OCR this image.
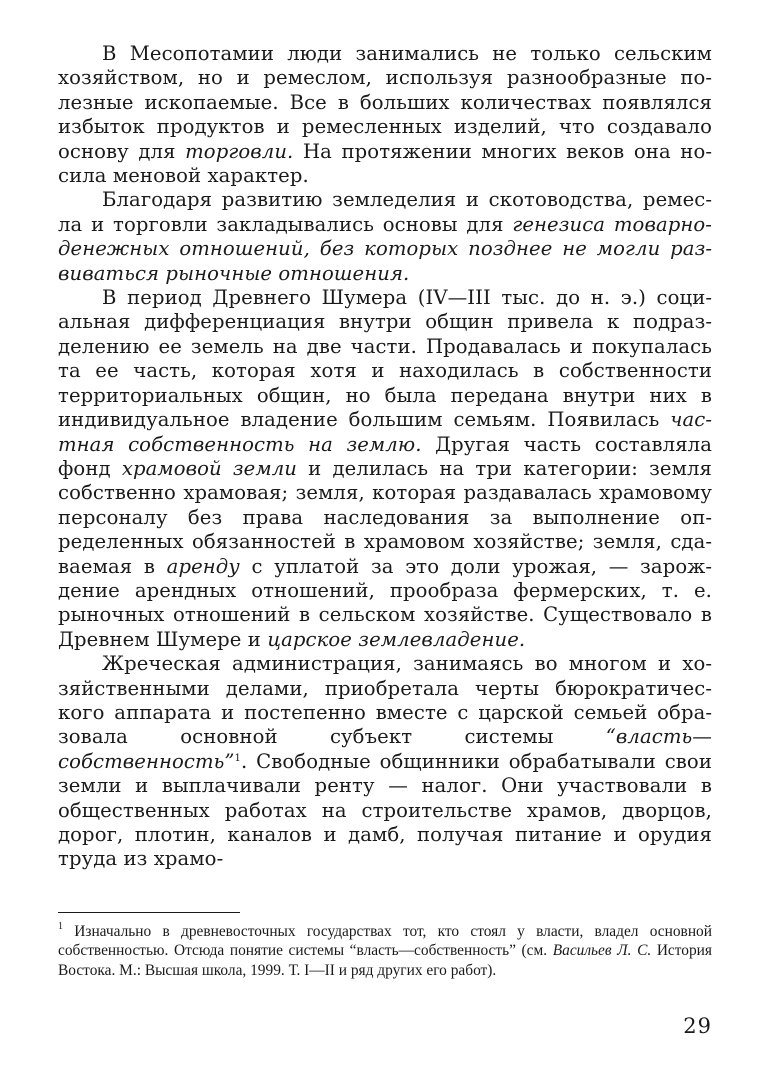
В Месопотамии люди занимались не только сельским хозяйством, но и ремеслом, используя разнообразные полезные ископаемые. Все в больших количествах появлялся избыток продуктов и ремесленных изделий, что создавало основу для торговли. На протяжении многих веков она носила меновой характер.

Благодаря развитию земледелия и скотоводства, ремесла и торговли закладывались основы для генезиса товарно-денежных отношений, без которых позднее не могли развиваться рыночные отношения.

В период Древнего Шумера (IV—III тыс. до н. э.) социальная дифференциация внутри общин привела к подразделению ее земель на две части. Продавалась и покупалась та ее часть, которая хотя и находилась в собственности территориальных общин, но была передана внутри них в индивидуальное владение большим семьям. Появилась частная собственность на землю. Другая часть составляла фонд храмовой земли и делилась на три категории: земля собственно храмовая; земля, которая раздавалась храмовому персоналу без права наследования за выполнение определенных обязанностей в храмовом хозяйстве; земля, сдаваемая в аренду с уплатой за это доли урожая, — зарождение арендных отношений, прообраза фермерских, т. е. рыночных отношений в сельском хозяйстве. Существовало в Древнем Шумере и царское землевладение.

Жреческая администрация, занимаясь во многом и хозяйственными делами, приобретала черты бюрократического аппарата и постепенно вместе с царской семьей образовала основной субъект системы “власть—собственность”$^1$. Свободные общинники обрабатывали свои земли и выплачивали ренту — налог. Они участвовали в общественных работах на строительстве храмов, дворцов, дорог, плотин, каналов и дамб, получая питание и орудия труда из храмо-

$^1$ Изначально в древневосточных государствах тот, кто стоял у власти, владел основной собственностью. Отсюда понятие системы “власть—собственность” (см. Васильев Л. С. История Востока. М.: Высшая школа, 1999. Т. I—II и ряд других его работ).

29
